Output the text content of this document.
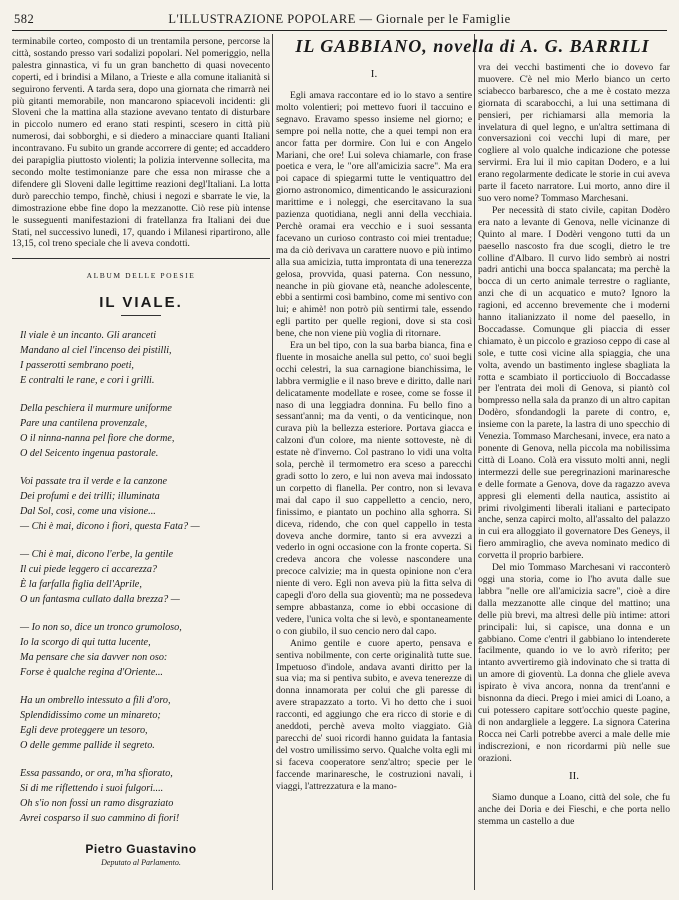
582	L'ILLUSTRAZIONE POPOLARE — Giornale per le Famiglie

terminabile corteo, composto di un trentamila persone, percorse la città, sostando presso vari sodalizi popolari. Nel pomeriggio, nella palestra ginnastica, vi fu un gran banchetto di quasi novecento coperti, ed i brindisi a Milano, a Trieste e alla comune italianità si seguirono ferventi. A tarda sera, dopo una giornata che rimarrà nei più gitanti memorabile, non mancarono spiacevoli incidenti: gli Sloveni che la mattina alla stazione avevano tentato di disturbare in piccolo numero ed erano stati respinti, scesero in città più numerosi, dai sobborghi, e si diedero a minacciare quanti Italiani incontravano. Fu subito un grande accorrere di gente; ed accaddero dei parapiglia piuttosto violenti; la polizia intervenne sollecita, ma secondo molte testimonianze pare che essa non mirasse che a difendere gli Sloveni dalle legittime reazioni degl'Italiani. La lotta durò parecchio tempo, finchè, chiusi i negozi e sbarrate le vie, la dimostrazione ebbe fine dopo la mezzanotte. Ciò rese più intense le susseguenti manifestazioni di fratellanza fra Italiani dei due Stati, nel successivo lunedì, 17, quando i Milanesi ripartirono, alle 13,15, col treno speciale che li aveva condotti.

ALBUM DELLE POESIE
IL VIALE.
Il viale è un incanto. Gli aranceti
Mandano al ciel l'incenso dei pistilli,
I passerotti sembrano poeti,
E contralti le rane, e cori i grilli.
Della peschiera il murmure uniforme
Pare una cantilena provenzale,
O il ninna-nanna pel fiore che dorme,
O del Seicento ingenua pastorale.
Voi passate tra il verde e la canzone
Dei profumi e dei trilli; illuminata
Dal Sol, così, come una visione...
— Chi è mai, dicono i fiori, questa Fata? —
— Chi è mai, dicono l'erbe, la gentile
Il cui piede leggero ci accarezza?
È la farfalla figlia dell'Aprile,
O un fantasma cullato dalla brezza? —
— Io non so, dice un tronco grumoloso,
Io la scorgo di qui tutta lucente,
Ma pensare che sia davver non oso:
Forse è qualche regina d'Oriente...
Ha un ombrello intessuto a fili d'oro,
Splendidissimo come un minareto;
Egli deve proteggere un tesoro,
O delle gemme pallide il segreto.
Essa passando, or ora, m'ha sfiorato,
Si di me riflettendo i suoi fulgori....
Oh s'io non fossi un ramo disgraziato
Avrei cosparso il suo cammino di fiori!
Pietro Guastavino
Deputato al Parlamento.
IL GABBIANO, novella di A. G. BARRILI
I.

Egli amava raccontare ed io lo stavo a sentire molto volentieri; poi mettevo fuori il taccuino e segnavo. Eravamo spesso insieme nel giorno; e sempre poi nella notte, che a quei tempi non era ancor fatta per dormire. Con lui e con Angelo Mariani, che ore! Lui soleva chiamarle, con frase poetica e vera, le "ore all'amicizia sacre". Ma era poi capace di spiegarmi tutte le ventiquattro del giorno astronomico, dimenticando le assicurazioni marittime e i noleggi, che esercitavano la sua pazienza quotidiana, negli anni della vecchiaia. Perchè oramai era vecchio e i suoi sessanta facevano un curioso contrasto coi miei trentadue; ma da ciò derivava un carattere nuovo e più intimo alla sua amicizia, tutta improntata di una tenerezza gelosa, provvida, quasi paterna. Con nessuno, neanche in più giovane età, neanche adolescente, ebbi a sentirmi così bambino, come mi sentivo con lui; e ahimè! non potrò più sentirmi tale, essendo egli partito per quelle regioni, dove si sta così bene, che non viene più voglia di ritornare.

Era un bel tipo, con la sua barba bianca, fina e fluente in mosaiche anella sul petto, co' suoi begli occhi celestri, la sua carnagione bianchissima, le labbra vermiglie e il naso breve e diritto, dalle nari delicatamente modellate e rosee, come se fosse il naso di una leggiadra donnina. Fu bello fino a sessant'anni; ma da venti, o da venticinque, non curava più la bellezza esteriore. Portava giacca e calzoni d'un colore, ma niente sottoveste, nè di estate nè d'inverno. Col pastrano lo vidi una volta sola, perchè il termometro era sceso a parecchi gradi sotto lo zero, e lui non aveva mai indossato un corpetto di flanella. Per contro, non si levava mai dal capo il suo cappelletto a cencio, nero, finissimo, e piantato un pochino alla sghorra. Si diceva, ridendo, che con quel cappello in testa doveva anche dormire, tanto si era avvezzi a vederlo in ogni occasione con la fronte coperta. Si credeva ancora che volesse nascondere una precoce calvizie; ma in questa opinione non c'era niente di vero. Egli non aveva più la fitta selva di capegli d'oro della sua gioventù; ma ne possedeva sempre abbastanza, come io ebbi occasione di vedere, l'unica volta che si levò, e spontaneamente o con giubilo, il suo cencio nero dal capo.

Animo gentile e cuore aperto, pensava e sentiva nobilmente, con certe originalità tutte sue. Impetuoso d'indole, andava avanti diritto per la sua via; ma si pentiva subito, e aveva tenerezze di donna innamorata per colui che gli paresse di avere strapazzato a torto. Vi ho detto che i suoi racconti, ed aggiungo che era ricco di storie e di aneddoti, perchè aveva molto viaggiato. Già parecchi de' suoi ricordi hanno guidata la fantasia del vostro umilissimo servo. Qualche volta egli mi si faceva cooperatore senz'altro; specie per le faccende marinaresche, le costruzioni navali, i viaggi, l'attrezzatura e la mano-

vra dei vecchi bastimenti che io dovevo far muovere. C'è nel mio Merlo bianco un certo sciabecco barbaresco, che a me è costato mezza giornata di scarabocchi, a lui una settimana di pensieri, per richiamarsi alla memoria la invelatura di quel legno, e un'altra settimana di conversazioni coi vecchi lupi di mare, per cogliere al volo qualche indicazione che potesse servirmi. Era lui il mio capitan Dodero, e a lui erano regolarmente dedicate le storie in cui aveva parte il faceto narratore. Lui morto, anno dire il suo vero nome? Tommaso Marchesani.

Per necessità di stato civile, capitan Dodèro era nato a levante di Genova, nelle vicinanze di Quinto al mare. I Dodèri vengono tutti da un paesello nascosto fra due scogli, dietro le tre colline d'Albaro. Il curvo lido sembrò ai nostri padri antichi una bocca spalancata; ma perchè la bocca di un certo animale terrestre o ragliante, anzi che di un acquatico e muto? Ignoro la ragioni, ed accenno brevemente che i moderni hanno italianizzato il nome del paesello, in Boccadasse. Comunque gli piaccia di esser chiamato, è un piccolo e grazioso ceppo di case al sole, e tutte così vicine alla spiaggia, che una volta, avendo un bastimento inglese sbagliata la rotta e scambiato il porticciuolo di Boccadasse per l'entrata dei moli di Genova, si piantò col bompresso nella sala da pranzo di un altro capitan Dodèro, sfondandogli la parete di contro, e, insieme con la parete, la lastra di uno specchio di Venezia. Tommaso Marchesani, invece, era nato a ponente di Genova, nella piccola ma nobilissima città di Loano. Colà era vissuto molti anni, negli intermezzi delle sue peregrinazioni marinaresche e delle formate a Genova, dove da ragazzo aveva appresi gli elementi della nautica, assistito ai primi rivolgimenti liberali italiani e partecipato anche, senza capirci molto, all'assalto del palazzo in cui era alloggiato il governatore Des Geneys, il fiero ammiraglio, che aveva nominato medico di corvetta il proprio barbiere.

Del mio Tommaso Marchesani vi racconterò oggi una storia, come io l'ho avuta dalle sue labbra "nelle ore all'amicizia sacre", cioè a dire dalla mezzanotte alle cinque del mattino; una delle più brevi, ma altresì delle più intime: attori principali: lui, si capisce, una donna e un gabbiano. Come c'entri il gabbiano lo intenderete facilmente, quando io ve lo avrò riferito; per intanto avvertiremo già indovinato che si tratta di un amore di gioventù. La donna che gliele aveva ispirato è viva ancora, nonna da trent'anni e bisnonna da dieci. Prego i miei amici di Loano, a cui potessero capitare sott'occhio queste pagine, di non andargliele a leggere. La signora Caterina Rocca nei Carli potrebbe averci a male delle mie indiscrezioni, e non ricordarmi più nelle sue orazioni.

II.

Siamo dunque a Loano, città del sole, che fu anche dei Doria e dei Fieschi, e che porta nello stemma un castello a due
